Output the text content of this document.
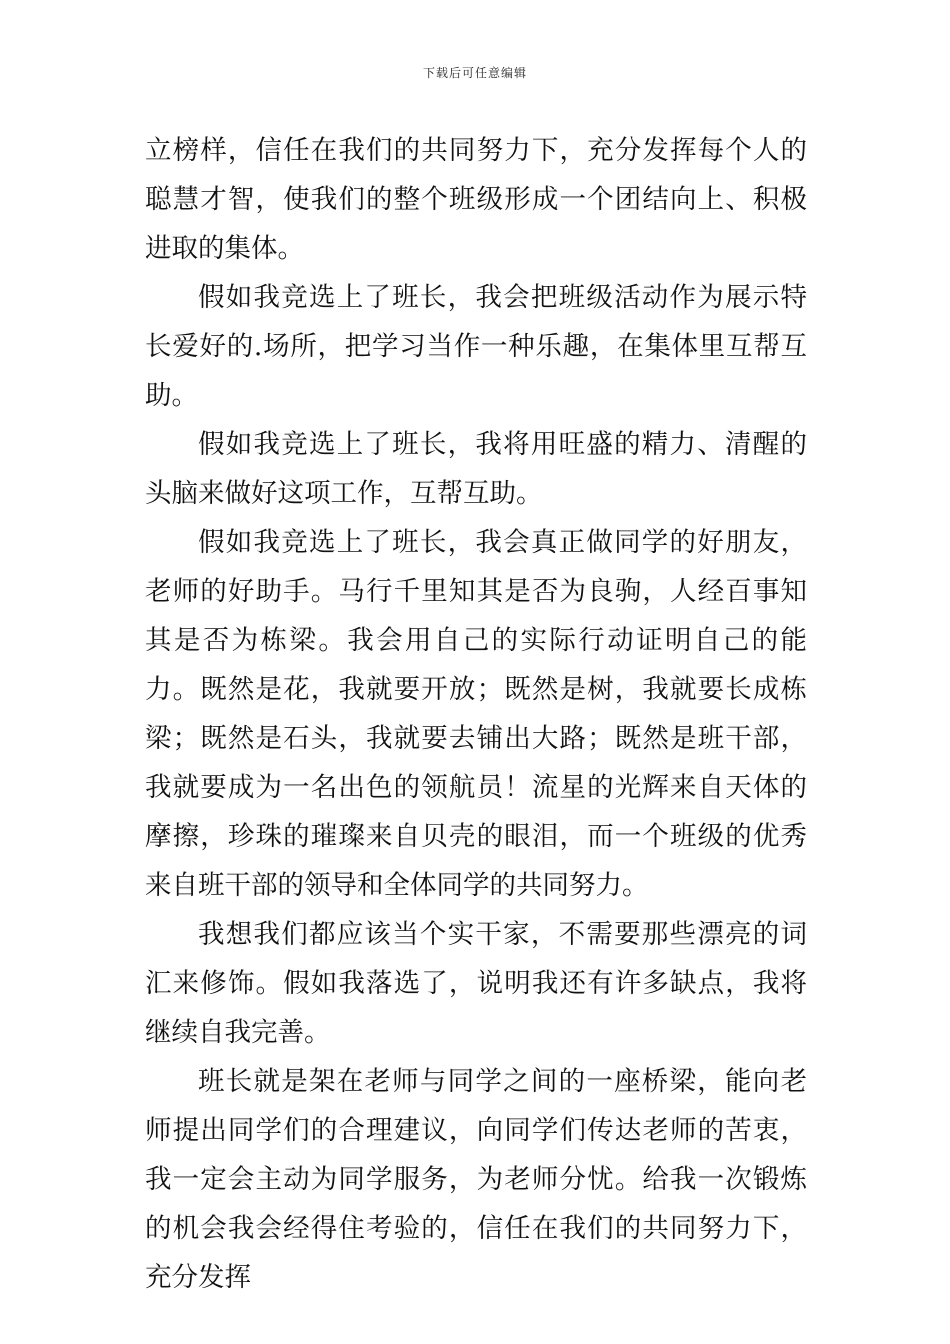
下载后可任意编辑

立榜样，信任在我们的共同努力下，充分发挥每个人的聪慧才智，使我们的整个班级形成一个团结向上、积极进取的集体。

假如我竞选上了班长，我会把班级活动作为展示特长爱好的.场所，把学习当作一种乐趣，在集体里互帮互助。

假如我竞选上了班长，我将用旺盛的精力、清醒的头脑来做好这项工作，互帮互助。

假如我竞选上了班长，我会真正做同学的好朋友，老师的好助手。马行千里知其是否为良驹，人经百事知其是否为栋梁。我会用自己的实际行动证明自己的能力。既然是花，我就要开放；既然是树，我就要长成栋梁；既然是石头，我就要去铺出大路；既然是班干部，我就要成为一名出色的领航员！流星的光辉来自天体的摩擦，珍珠的璀璨来自贝壳的眼泪，而一个班级的优秀来自班干部的领导和全体同学的共同努力。

我想我们都应该当个实干家，不需要那些漂亮的词汇来修饰。假如我落选了，说明我还有许多缺点，我将继续自我完善。

班长就是架在老师与同学之间的一座桥梁，能向老师提出同学们的合理建议，向同学们传达老师的苦衷，我一定会主动为同学服务，为老师分忧。给我一次锻炼的机会我会经得住考验的，信任在我们的共同努力下，充分发挥
